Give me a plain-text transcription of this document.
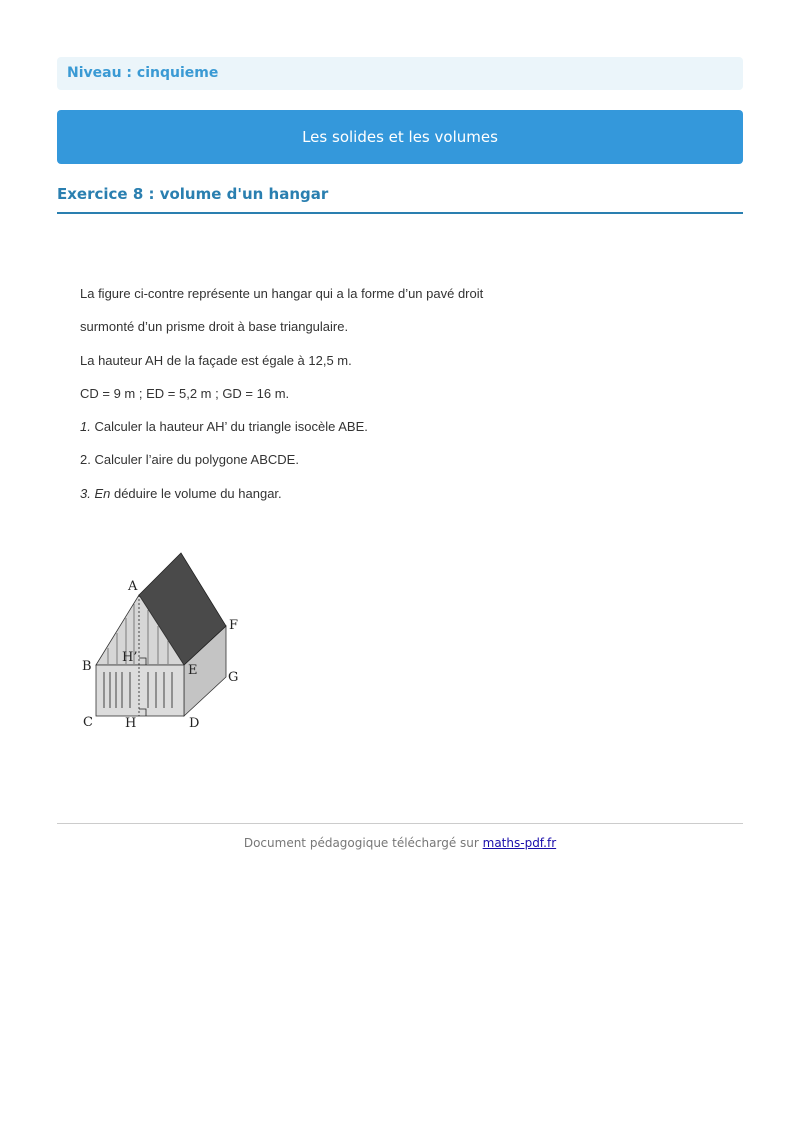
Niveau : cinquieme
Les solides et les volumes
Exercice 8 : volume d'un hangar

La figure ci-contre représente un hangar qui a la forme d’un pavé droit

surmonté d’un prisme droit à base triangulaire.

La hauteur AH de la façade est égale à 12,5 m.

CD = 9 m ; ED = 5,2 m ; GD = 16 m.

1. Calculer la hauteur AH’ du triangle isocèle ABE.

2. Calculer l’aire du polygone ABCDE.

3. En déduire le volume du hangar.

A
B
C	D
E
F
G
H
H’
Document pédagogique téléchargé sur maths-pdf.fr
